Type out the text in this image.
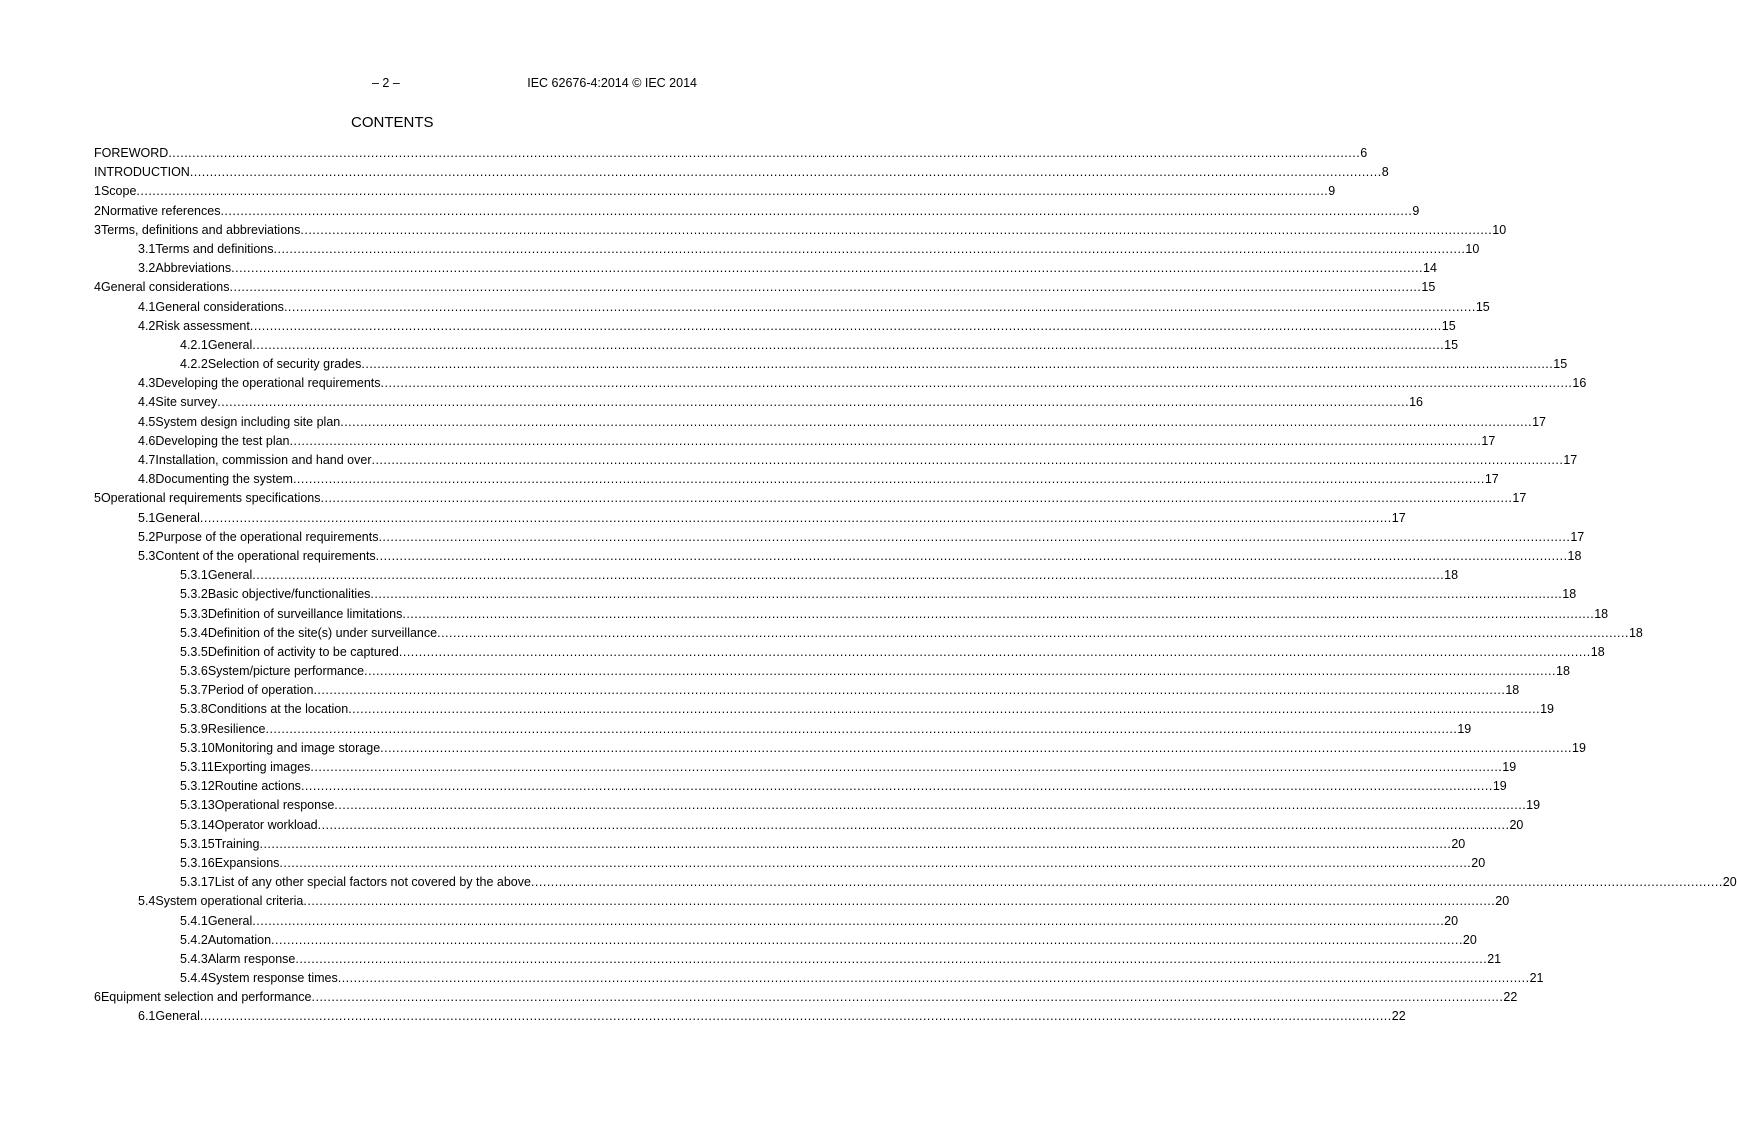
– 2 –	IEC 62676-4:2014 © IEC 2014
CONTENTS
FOREWORD ............................................................................................................................................................................................................................................................................................................ 6
INTRODUCTION ............................................................................................................................................................................................................................................................................................................ 8
1 Scope ............................................................................................................................................................................................................................................................................................................ 9
2 Normative references ............................................................................................................................................................................................................................................................................................................ 9
3 Terms, definitions and abbreviations ............................................................................................................................................................................................................................................................................................................ 10
3.1 Terms and definitions ............................................................................................................................................................................................................................................................................................................ 10
3.2 Abbreviations ............................................................................................................................................................................................................................................................................................................ 14
4 General considerations ............................................................................................................................................................................................................................................................................................................ 15
4.1 General considerations ............................................................................................................................................................................................................................................................................................................ 15
4.2 Risk assessment ............................................................................................................................................................................................................................................................................................................ 15
4.2.1 General ............................................................................................................................................................................................................................................................................................................ 15
4.2.2 Selection of security grades ............................................................................................................................................................................................................................................................................................................ 15
4.3 Developing the operational requirements ............................................................................................................................................................................................................................................................................................................ 16
4.4 Site survey ............................................................................................................................................................................................................................................................................................................ 16
4.5 System design including site plan ............................................................................................................................................................................................................................................................................................................ 17
4.6 Developing the test plan ............................................................................................................................................................................................................................................................................................................ 17
4.7 Installation, commission and hand over ............................................................................................................................................................................................................................................................................................................ 17
4.8 Documenting the system ............................................................................................................................................................................................................................................................................................................ 17
5 Operational requirements specifications ............................................................................................................................................................................................................................................................................................................ 17
5.1 General ............................................................................................................................................................................................................................................................................................................ 17
5.2 Purpose of the operational requirements ............................................................................................................................................................................................................................................................................................................ 17
5.3 Content of the operational requirements ............................................................................................................................................................................................................................................................................................................ 18
5.3.1 General ............................................................................................................................................................................................................................................................................................................ 18
5.3.2 Basic objective/functionalities ............................................................................................................................................................................................................................................................................................................ 18
5.3.3 Definition of surveillance limitations ............................................................................................................................................................................................................................................................................................................ 18
5.3.4 Definition of the site(s) under surveillance ............................................................................................................................................................................................................................................................................................................ 18
5.3.5 Definition of activity to be captured ............................................................................................................................................................................................................................................................................................................ 18
5.3.6 System/picture performance ............................................................................................................................................................................................................................................................................................................ 18
5.3.7 Period of operation ............................................................................................................................................................................................................................................................................................................ 18
5.3.8 Conditions at the location ............................................................................................................................................................................................................................................................................................................ 19
5.3.9 Resilience ............................................................................................................................................................................................................................................................................................................ 19
5.3.10 Monitoring and image storage ............................................................................................................................................................................................................................................................................................................ 19
5.3.11 Exporting images ............................................................................................................................................................................................................................................................................................................ 19
5.3.12 Routine actions ............................................................................................................................................................................................................................................................................................................ 19
5.3.13 Operational response ............................................................................................................................................................................................................................................................................................................ 19
5.3.14 Operator workload ............................................................................................................................................................................................................................................................................................................ 20
5.3.15 Training ............................................................................................................................................................................................................................................................................................................ 20
5.3.16 Expansions ............................................................................................................................................................................................................................................................................................................ 20
5.3.17 List of any other special factors not covered by the above ............................................................................................................................................................................................................................................................................................................ 20
5.4 System operational criteria ............................................................................................................................................................................................................................................................................................................ 20
5.4.1 General ............................................................................................................................................................................................................................................................................................................ 20
5.4.2 Automation ............................................................................................................................................................................................................................................................................................................ 20
5.4.3 Alarm response ............................................................................................................................................................................................................................................................................................................ 21
5.4.4 System response times ............................................................................................................................................................................................................................................................................................................ 21
6 Equipment selection and performance ............................................................................................................................................................................................................................................................................................................ 22
6.1 General ............................................................................................................................................................................................................................................................................................................ 22
